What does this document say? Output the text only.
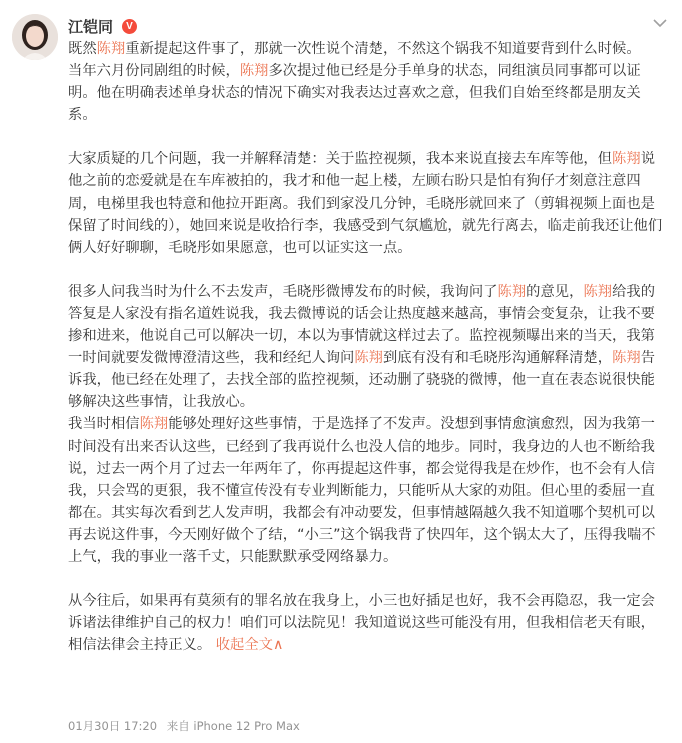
江铠同	V

既然陈翔重新提起这件事了，那就一次性说个清楚，不然这个锅我不知道要背到什么时候。
当年六月份同剧组的时候，陈翔多次提过他已经是分手单身的状态，同组演员同事都可以证明。他在明确表述单身状态的情况下确实对我表达过喜欢之意，但我们自始至终都是朋友关系。

大家质疑的几个问题，我一并解释清楚：关于监控视频，我本来说直接去车库等他，但陈翔说他之前的恋爱就是在车库被拍的，我才和他一起上楼，左顾右盼只是怕有狗仔才刻意注意四周，电梯里我也特意和他拉开距离。我们到家没几分钟，毛晓彤就回来了（剪辑视频上面也是保留了时间线的），她回来说是收拾行李，我感受到气氛尴尬，就先行离去，临走前我还让他们俩人好好聊聊，毛晓彤如果愿意，也可以证实这一点。

很多人问我当时为什么不去发声，毛晓彤微博发布的时候，我询问了陈翔的意见，陈翔给我的答复是人家没有指名道姓说我，我去微博说的话会让热度越来越高，事情会变复杂，让我不要掺和进来，他说自己可以解决一切，本以为事情就这样过去了。监控视频曝出来的当天，我第一时间就要发微博澄清这些，我和经纪人询问陈翔到底有没有和毛晓彤沟通解释清楚，陈翔告诉我，他已经在处理了，去找全部的监控视频，还动删了骁骁的微博，他一直在表态说很快能够解决这些事情，让我放心。
我当时相信陈翔能够处理好这些事情，于是选择了不发声。没想到事情愈演愈烈，因为我第一时间没有出来否认这些，已经到了我再说什么也没人信的地步。同时，我身边的人也不断给我说，过去一两个月了过去一年两年了，你再提起这件事，都会觉得我是在炒作，也不会有人信我，只会骂的更狠，我不懂宣传没有专业判断能力，只能听从大家的劝阻。但心里的委屈一直都在。其实每次看到艺人发声明，我都会有冲动要发，但事情越隔越久我不知道哪个契机可以再去说这件事，今天刚好做个了结，“小三”这个锅我背了快四年，这个锅太大了，压得我喘不上气，我的事业一落千丈，只能默默承受网络暴力。

从今往后，如果再有莫须有的罪名放在我身上，小三也好插足也好，我不会再隐忍，我一定会诉诸法律维护自己的权力！咱们可以法院见！我知道说这些可能没有用，但我相信老天有眼，相信法律会主持正义。 收起全文∧

01月30日 17:20 来自 iPhone 12 Pro Max
